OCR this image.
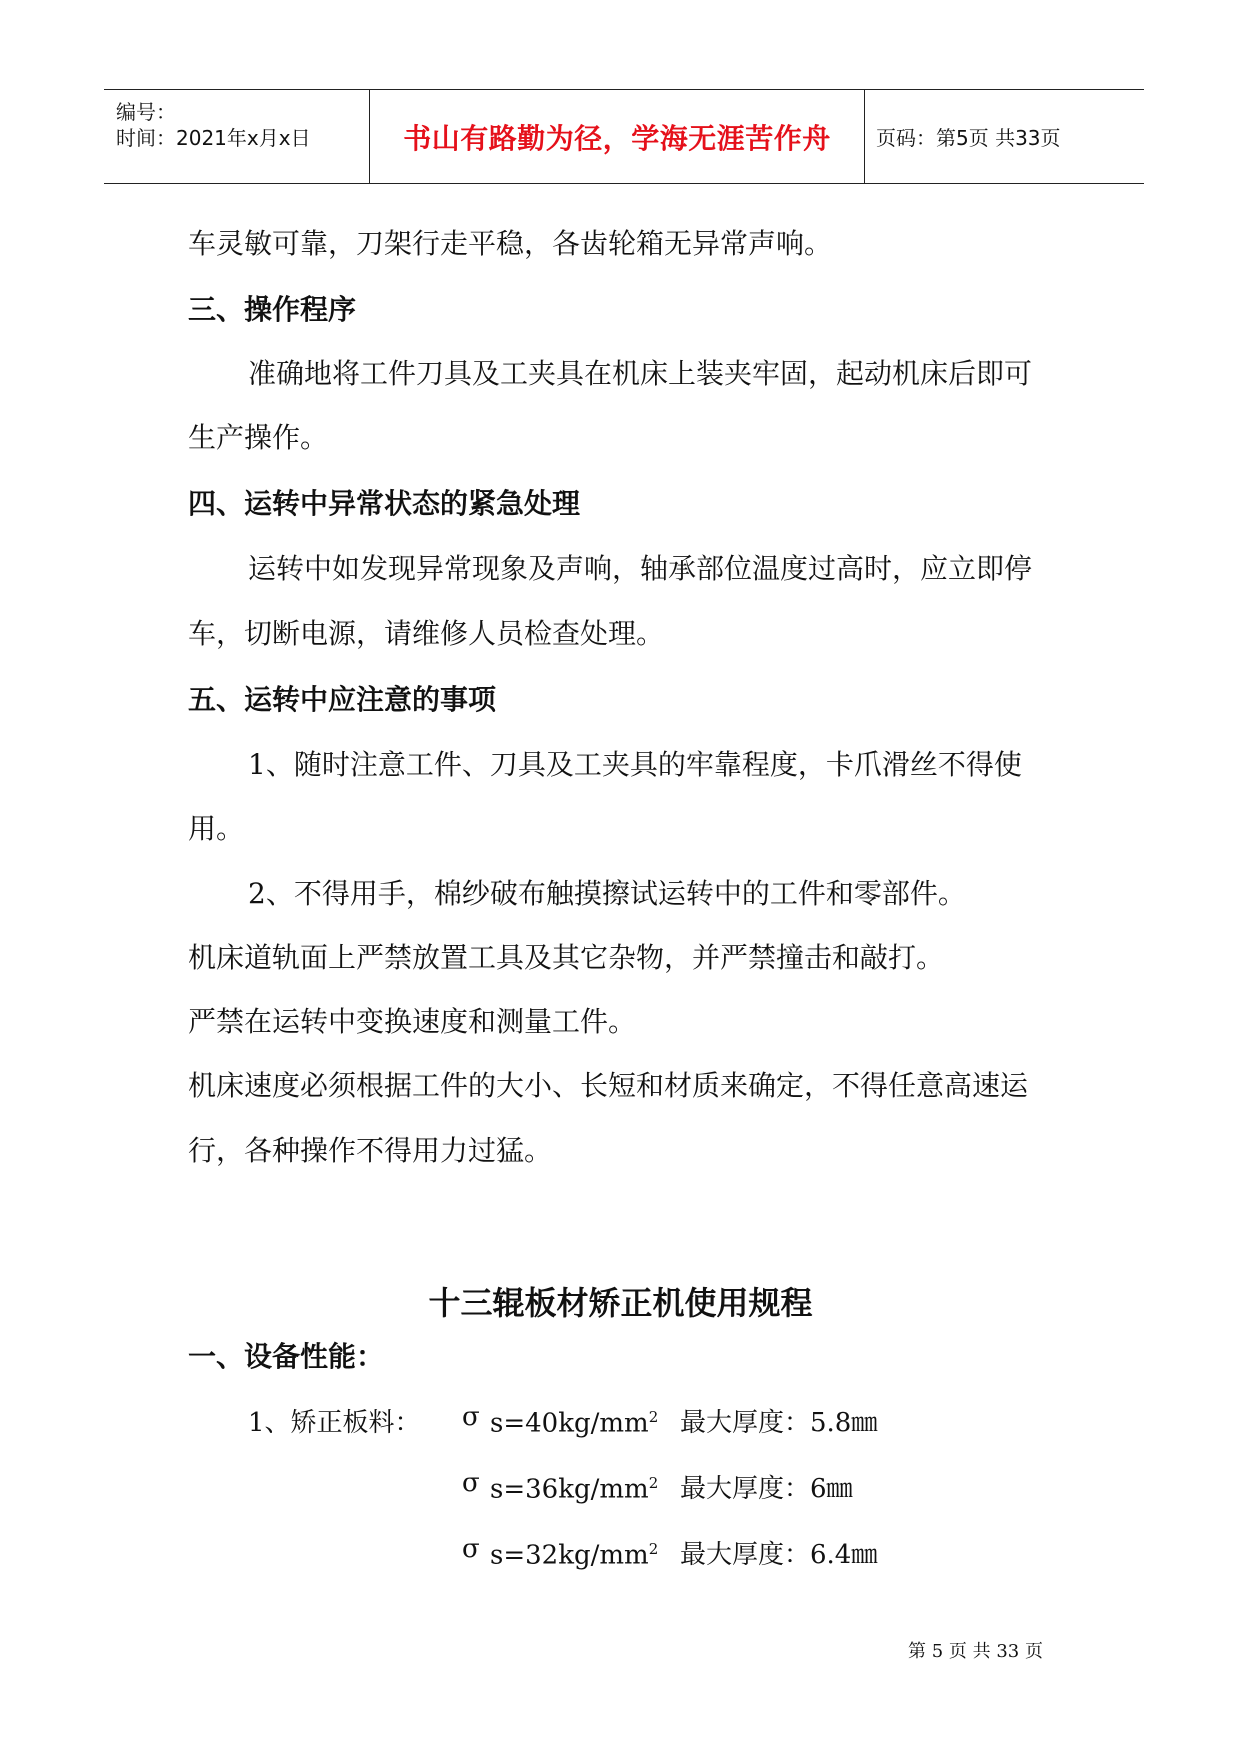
编号：
时间：2021年x月x日	书山有路勤为径，学海无涯苦作舟 页码：第5页 共33页
车灵敏可靠，刀架行走平稳，各齿轮箱无异常声响。
三、操作程序
准确地将工件刀具及工夹具在机床上装夹牢固，起动机床后即可
生产操作。
四、运转中异常状态的紧急处理
运转中如发现异常现象及声响，轴承部位温度过高时，应立即停
车，切断电源，请维修人员检查处理。
五、运转中应注意的事项
1、随时注意工件、刀具及工夹具的牢靠程度，卡爪滑丝不得使
用。
2、不得用手，棉纱破布触摸擦试运转中的工件和零部件。
机床道轨面上严禁放置工具及其它杂物，并严禁撞击和敲打。
严禁在运转中变换速度和测量工件。
机床速度必须根据工件的大小、长短和材质来确定，不得任意高速运
行，各种操作不得用力过猛。
十三辊板材矫正机使用规程
一、设备性能：
1、矫正板料： σ $s=40kg/mm^2$ 最大厚度：5.8㎜
σ $s=36kg/mm^2$ 最大厚度：6㎜
σ $s=32kg/mm^2$ 最大厚度：6.4㎜
第 5 页 共 33 页
